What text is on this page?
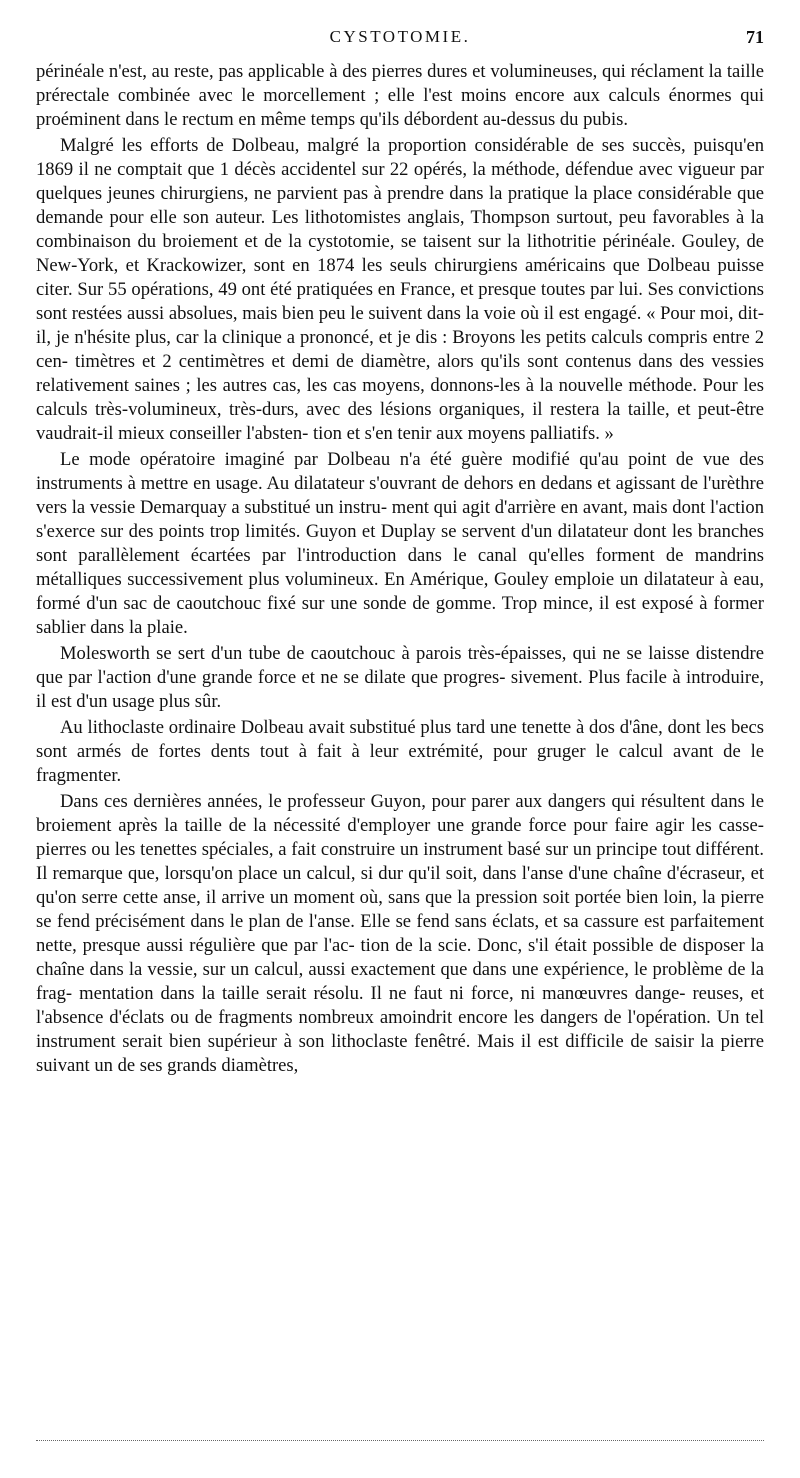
CYSTOTOMIE.	71

périnéale n'est, au reste, pas applicable à des pierres dures et volumineuses, qui réclament la taille prérectale combinée avec le morcellement ; elle l'est moins encore aux calculs énormes qui proéminent dans le rectum en même temps qu'ils débordent au-dessus du pubis.

Malgré les efforts de Dolbeau, malgré la proportion considérable de ses succès, puisqu'en 1869 il ne comptait que 1 décès accidentel sur 22 opérés, la méthode, défendue avec vigueur par quelques jeunes chirurgiens, ne parvient pas à prendre dans la pratique la place considérable que demande pour elle son auteur. Les lithotomistes anglais, Thompson surtout, peu favorables à la combinaison du broiement et de la cystotomie, se taisent sur la lithotritie périnéale. Gouley, de New-York, et Krackowizer, sont en 1874 les seuls chirurgiens américains que Dolbeau puisse citer. Sur 55 opérations, 49 ont été pratiquées en France, et presque toutes par lui. Ses convictions sont restées aussi absolues, mais bien peu le suivent dans la voie où il est engagé. « Pour moi, dit-il, je n'hésite plus, car la clinique a prononcé, et je dis : Broyons les petits calculs compris entre 2 cen- timètres et 2 centimètres et demi de diamètre, alors qu'ils sont contenus dans des vessies relativement saines ; les autres cas, les cas moyens, donnons-les à la nouvelle méthode. Pour les calculs très-volumineux, très-durs, avec des lésions organiques, il restera la taille, et peut-être vaudrait-il mieux conseiller l'absten- tion et s'en tenir aux moyens palliatifs. »

Le mode opératoire imaginé par Dolbeau n'a été guère modifié qu'au point de vue des instruments à mettre en usage. Au dilatateur s'ouvrant de dehors en dedans et agissant de l'urèthre vers la vessie Demarquay a substitué un instru- ment qui agit d'arrière en avant, mais dont l'action s'exerce sur des points trop limités. Guyon et Duplay se servent d'un dilatateur dont les branches sont parallèlement écartées par l'introduction dans le canal qu'elles forment de mandrins métalliques successivement plus volumineux. En Amérique, Gouley emploie un dilatateur à eau, formé d'un sac de caoutchouc fixé sur une sonde de gomme. Trop mince, il est exposé à former sablier dans la plaie.

Molesworth se sert d'un tube de caoutchouc à parois très-épaisses, qui ne se laisse distendre que par l'action d'une grande force et ne se dilate que progres- sivement. Plus facile à introduire, il est d'un usage plus sûr.

Au lithoclaste ordinaire Dolbeau avait substitué plus tard une tenette à dos d'âne, dont les becs sont armés de fortes dents tout à fait à leur extrémité, pour gruger le calcul avant de le fragmenter.

Dans ces dernières années, le professeur Guyon, pour parer aux dangers qui résultent dans le broiement après la taille de la nécessité d'employer une grande force pour faire agir les casse-pierres ou les tenettes spéciales, a fait construire un instrument basé sur un principe tout différent. Il remarque que, lorsqu'on place un calcul, si dur qu'il soit, dans l'anse d'une chaîne d'écraseur, et qu'on serre cette anse, il arrive un moment où, sans que la pression soit portée bien loin, la pierre se fend précisément dans le plan de l'anse. Elle se fend sans éclats, et sa cassure est parfaitement nette, presque aussi régulière que par l'ac- tion de la scie. Donc, s'il était possible de disposer la chaîne dans la vessie, sur un calcul, aussi exactement que dans une expérience, le problème de la frag- mentation dans la taille serait résolu. Il ne faut ni force, ni manœuvres dange- reuses, et l'absence d'éclats ou de fragments nombreux amoindrit encore les dangers de l'opération. Un tel instrument serait bien supérieur à son lithoclaste fenêtré. Mais il est difficile de saisir la pierre suivant un de ses grands diamètres,
